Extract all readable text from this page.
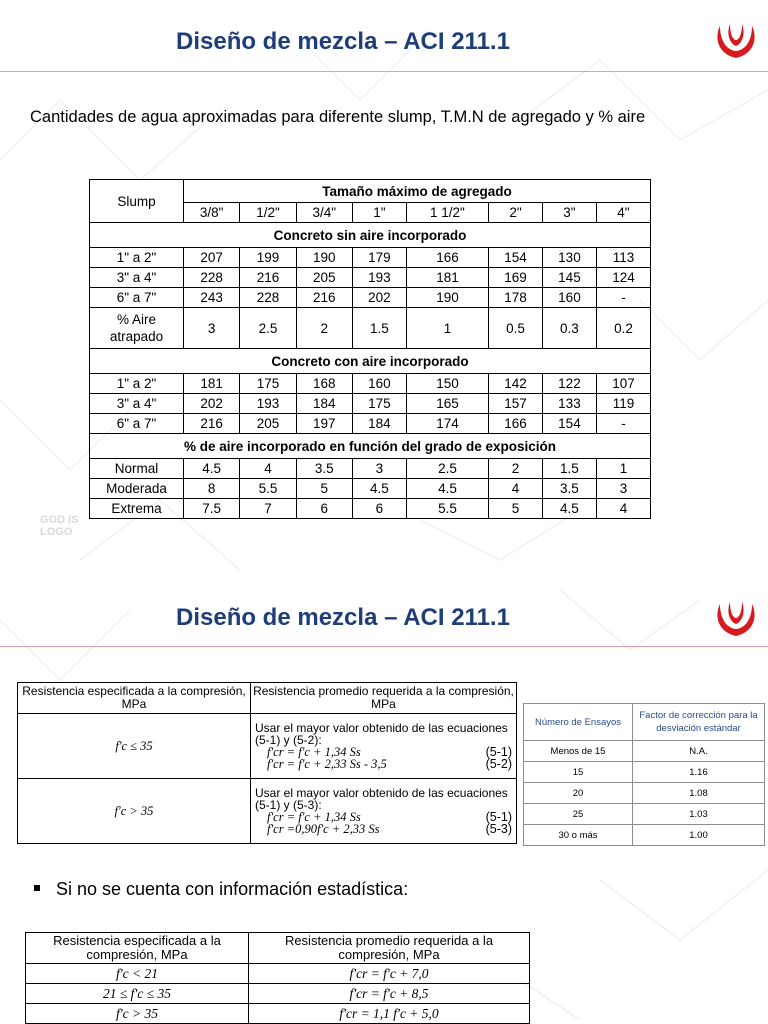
Diseño de mezcla – ACI 211.1

Cantidades de agua aproximadas para diferente slump, T.M.N de agregado y % aire

Slump	Tamaño máximo de agregado							
	3/8"	1/2"	3/4"	1"	1 1/2"	2"	3"	4"
Concreto sin aire incorporado								
1" a 2"	207	199	190	179	166	154	130	113
3" a 4"	228	216	205	193	181	169	145	124
6" a 7"	243	228	216	202	190	178	160	-

% Aire
atrapado	3	2.5	2	1.5	1	0.5	0.3	0.2
Concreto con aire incorporado								
1" a 2"	181	175	168	160	150	142	122	107
3" a 4"	202	193	184	175	165	157	133	119
6" a 7"	216	205	197	184	174	166	154	-
% de aire incorporado en función del grado de exposición								
Normal	4.5	4	3.5	3	2.5	2	1.5	1
Moderada	8	5.5	5	4.5	4.5	4	3.5	3
Extrema	7.5	7	6	6	5.5	5	4.5	4
GOD IS
LOGO
Diseño de mezcla – ACI 211.1
Resistencia especificada a la compresión, MPa	Resistencia promedio requerida a la compresión, MPa
f'c ≤ 35	Usar el mayor valor obtenido de las ecuaciones (5-1) y (5-2):
f'cr = f'c + 1,34 Ss (5-1)
f'cr = f'c + 2,33 Ss - 3,5 (5-2)

f'c > 35	Usar el mayor valor obtenido de las ecuaciones (5-1) y (5-3):
f'cr = f'c + 1,34 Ss (5-1)
f'cr =0,90f'c + 2,33 Ss (5-3)
Número de Ensayos	Factor de corrección para la desviación estándar
Menos de 15	N.A.
15	1.16
20	1.08
25	1.03
30 o más	1.00

Si no se cuenta con información estadística:

Resistencia especificada a la compresión, MPa	Resistencia promedio requerida a la compresión, MPa
f'c < 21	f'cr = f'c + 7,0
21 ≤ f'c ≤ 35	f'cr = f'c + 8,5
f'c > 35	f'cr = 1,1 f'c + 5,0
